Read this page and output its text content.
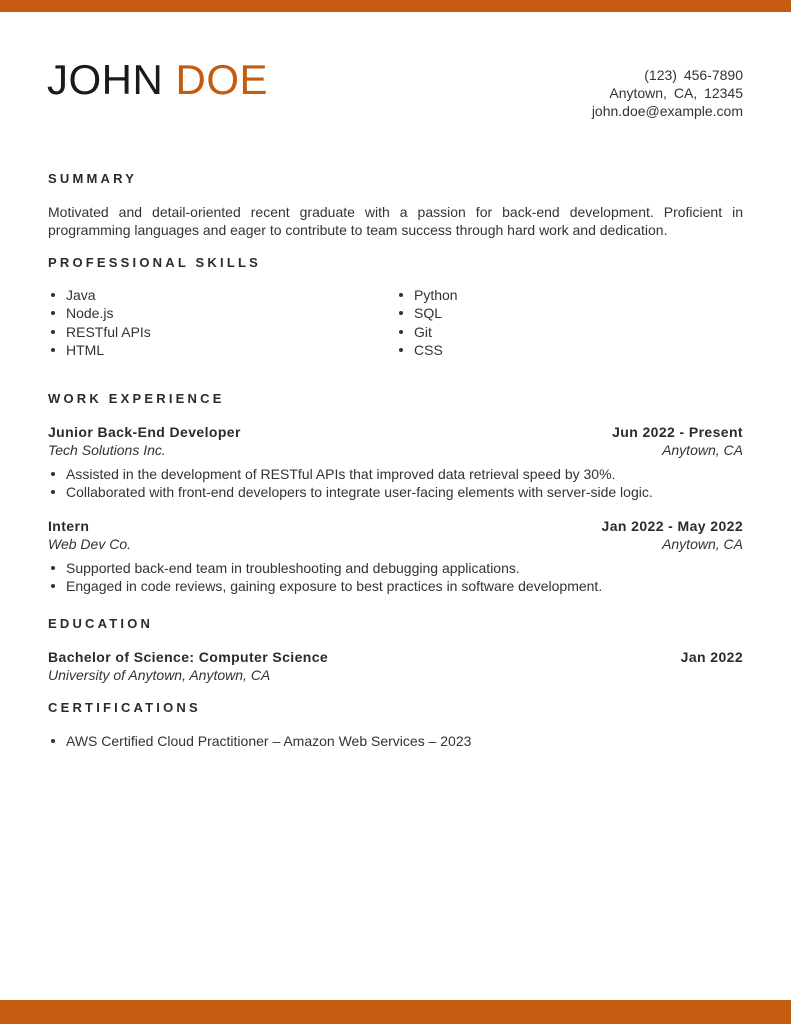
JOHN DOE	(123) 456-7890
Anytown, CA, 12345
john.doe@example.com
SUMMARY
Motivated and detail-oriented recent graduate with a passion for back-end development. Proficient in programming languages and eager to contribute to team success through hard work and dedication.
PROFESSIONAL SKILLS
Java
Node.js
RESTful APIs
HTML
Python
SQL
Git
CSS
WORK EXPERIENCE
Junior Back-End Developer	Jun 2022 - Present
Tech Solutions Inc.	Anytown, CA
Assisted in the development of RESTful APIs that improved data retrieval speed by 30%.
Collaborated with front-end developers to integrate user-facing elements with server-side logic.
Intern	Jan 2022 - May 2022
Web Dev Co.	Anytown, CA
Supported back-end team in troubleshooting and debugging applications.
Engaged in code reviews, gaining exposure to best practices in software development.
EDUCATION
Bachelor of Science: Computer Science	Jan 2022
University of Anytown, Anytown, CA
CERTIFICATIONS
AWS Certified Cloud Practitioner – Amazon Web Services – 2023
